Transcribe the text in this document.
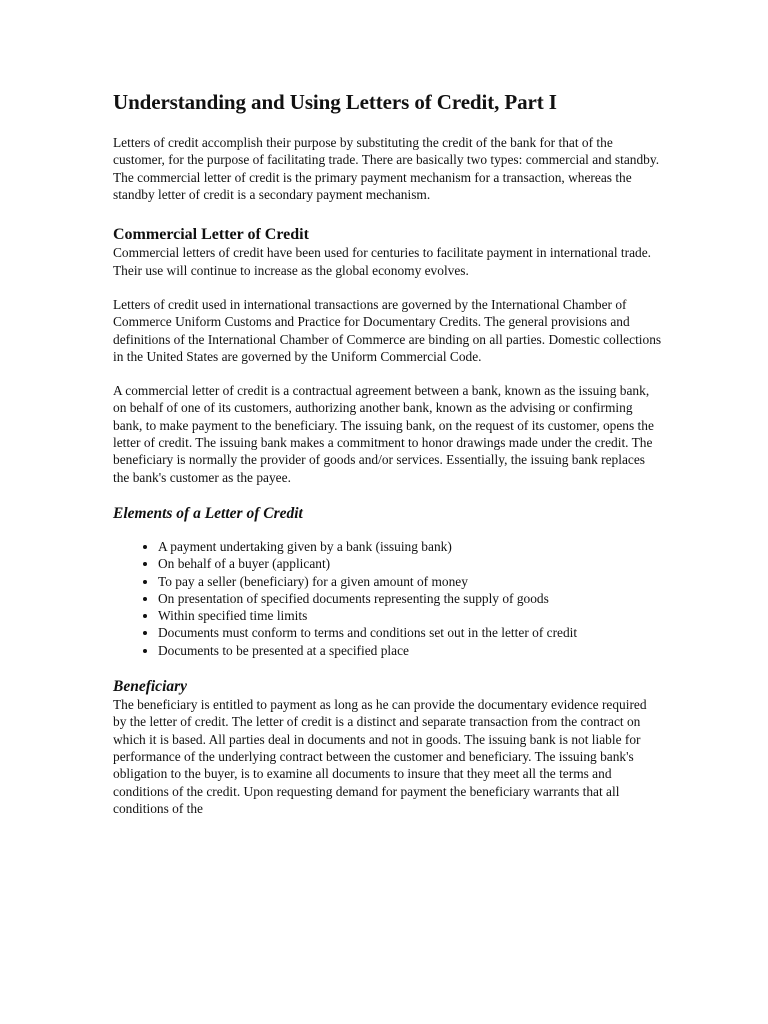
Understanding and Using Letters of Credit, Part I

Letters of credit accomplish their purpose by substituting the credit of the bank for that of the customer, for the purpose of facilitating trade. There are basically two types: commercial and standby. The commercial letter of credit is the primary payment mechanism for a transaction, whereas the standby letter of credit is a secondary payment mechanism.

Commercial Letter of Credit

Commercial letters of credit have been used for centuries to facilitate payment in international trade. Their use will continue to increase as the global economy evolves.

Letters of credit used in international transactions are governed by the International Chamber of Commerce Uniform Customs and Practice for Documentary Credits. The general provisions and definitions of the International Chamber of Commerce are binding on all parties. Domestic collections in the United States are governed by the Uniform Commercial Code.

A commercial letter of credit is a contractual agreement between a bank, known as the issuing bank, on behalf of one of its customers, authorizing another bank, known as the advising or confirming bank, to make payment to the beneficiary. The issuing bank, on the request of its customer, opens the letter of credit. The issuing bank makes a commitment to honor drawings made under the credit. The beneficiary is normally the provider of goods and/or services. Essentially, the issuing bank replaces the bank's customer as the payee.

Elements of a Letter of Credit
• A payment undertaking given by a bank (issuing bank)
• On behalf of a buyer (applicant)
• To pay a seller (beneficiary) for a given amount of money
• On presentation of specified documents representing the supply of goods
• Within specified time limits
• Documents must conform to terms and conditions set out in the letter of credit
• Documents to be presented at a specified place
Beneficiary

The beneficiary is entitled to payment as long as he can provide the documentary evidence required by the letter of credit. The letter of credit is a distinct and separate transaction from the contract on which it is based. All parties deal in documents and not in goods. The issuing bank is not liable for performance of the underlying contract between the customer and beneficiary. The issuing bank's obligation to the buyer, is to examine all documents to insure that they meet all the terms and conditions of the credit. Upon requesting demand for payment the beneficiary warrants that all conditions of the
